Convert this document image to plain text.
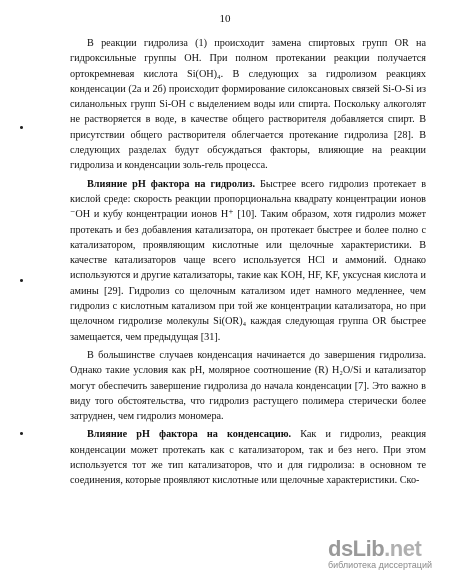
10

В реакции гидролиза (1) происходит замена спиртовых групп OR на гидроксильные группы OH. При полном протекании реакции получается ортокремневая кислота Si(OH)₄. В следующих за гидролизом реакциях конденсации (2a и 2б) происходит формирование силоксановых связей Si-O-Si из силанольных групп Si-OH с выделением воды или спирта. Поскольку алкоголят не растворяется в воде, в качестве общего растворителя добавляется спирт. В присутствии общего растворителя облегчается протекание гидролиза [28]. В следующих разделах будут обсуждаться факторы, влияющие на реакции гидролиза и конденсации золь-гель процесса.

Влияние pH фактора на гидролиз. Быстрее всего гидролиз протекает в кислой среде: скорость реакции пропорциональна квадрату концентрации ионов ⁻OH и кубу концентрации ионов H⁺ [10]. Таким образом, хотя гидролиз может протекать и без добавления катализатора, он протекает быстрее и более полно с катализатором, проявляющим кислотные или щелочные характеристики. В качестве катализаторов чаще всего используется HCl и аммоний. Однако используются и другие катализаторы, такие как KOH, HF, KF, уксусная кислота и амины [29]. Гидролиз со щелочным катализом идет намного медленнее, чем гидролиз с кислотным катализом при той же концентрации катализатора, но при щелочном гидролизе молекулы Si(OR)₄ каждая следующая группа OR быстрее замещается, чем предыдущая [31].

В большинстве случаев конденсация начинается до завершения гидролиза. Однако такие условия как pH, молярное соотношение (R) H₂O/Si и катализатор могут обеспечить завершение гидролиза до начала конденсации [7]. Это важно в виду того обстоятельства, что гидролиз растущего полимера стерически более затруднен, чем гидролиз мономера.

Влияние pH фактора на конденсацию. Как и гидролиз, реакция конденсации может протекать как с катализатором, так и без него. При этом используется тот же тип катализаторов, что и для гидролиза: в основном те соединения, которые проявляют кислотные или щелочные характеристики. Ско-

dsLib.net
библиотека диссертаций
